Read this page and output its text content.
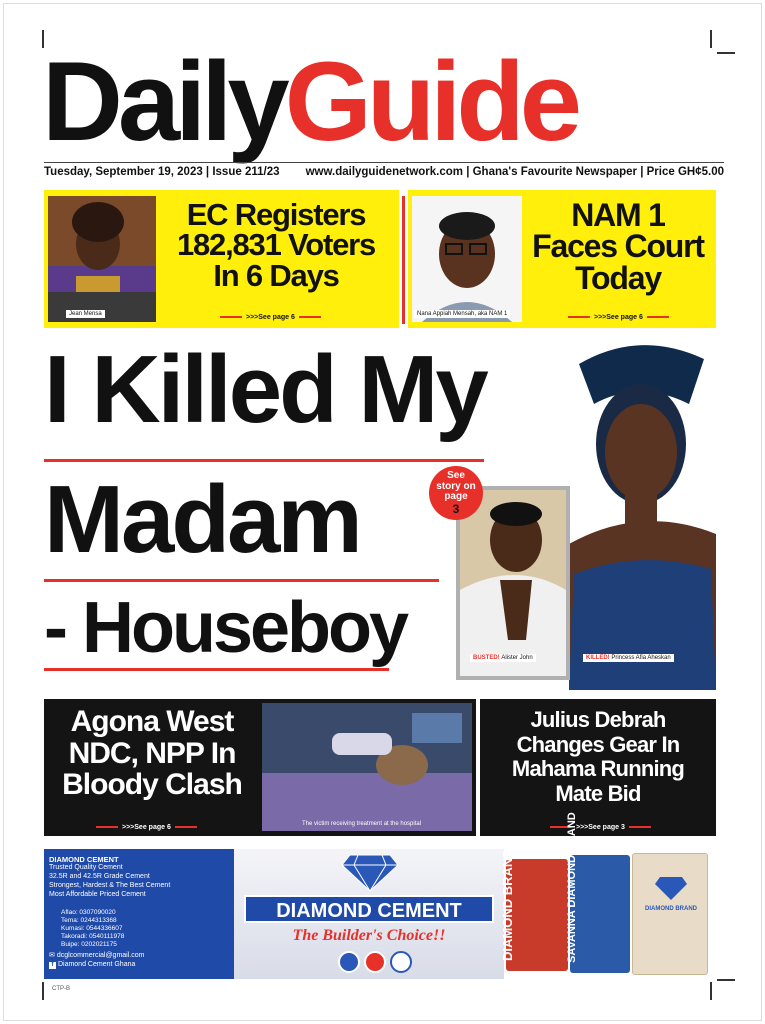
DailyGuide
Tuesday, September 19, 2023 | Issue 211/23 www.dailyguidenetwork.com | Ghana's Favourite Newspaper | Price GH¢5.00
Jean Mensa
EC Registers
182,831 Voters
In 6 Days
>>>See page 6	Nana Appiah Mensah, aka NAM 1
NAM 1
Faces Court
Today
>>>See page 6
I Killed My
Madam
- Houseboy	KILLED! Princess Afia Aheskan
BUSTED! Alister John
See
story on
page
3
Agona West
NDC, NPP In
Bloody Clash
>>>See page 6	The victim receiving treatment at the hospital
Julius Debrah
Changes Gear In
Mahama Running
Mate Bid
>>>See page 3
DIAMOND CEMENT
Trusted Quality Cement
32.5R and 42.5R Grade Cement
Strongest, Hardest & The Best Cement
Most Affordable Priced Cement
Aflao: 0307090020
Tema: 0244313368
Kumasi: 0544336607
Takoradi: 0540111978
Buipe: 0202021175
✉ dcglcommercial@gmail.com
f Diamond Cement Ghana
DIAMOND CEMENT
The Builder's Choice!!	DIAMOND BRAND	SAVANNA DIAMOND BRAND	DIAMOND BRAND
CTP-B
